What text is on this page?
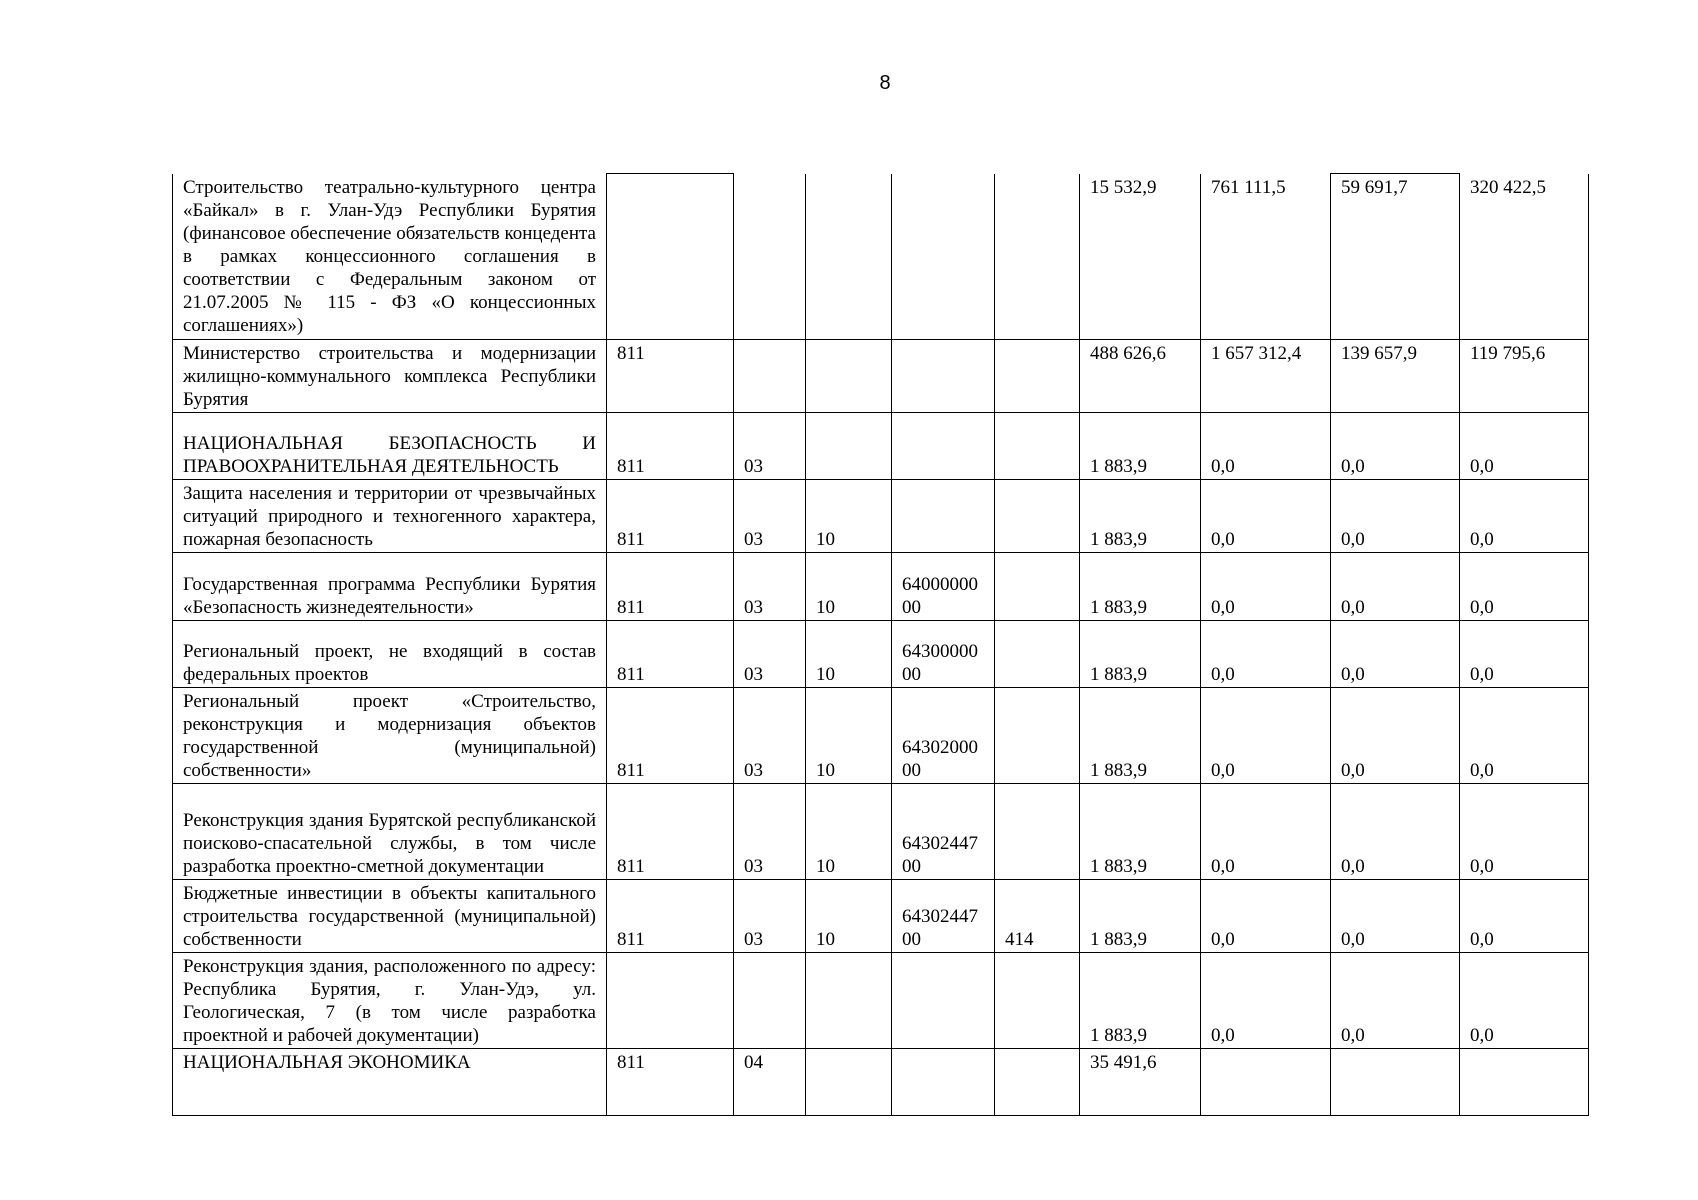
8
Строительство театрально-культурного центра «Байкал» в г. Улан-Удэ Республики Бурятия (финансовое обеспечение обязательств концедента в рамках концессионного соглашения в соответствии с Федеральным законом от 21.07.2005 № 115 - ФЗ «О концессионных соглашениях»)						15 532,9	761 111,5	59 691,7	320 422,5
Министерство строительства и модернизации жилищно-коммунального комплекса Республики Бурятия	811					488 626,6	1 657 312,4	139 657,9	119 795,6
НАЦИОНАЛЬНАЯ БЕЗОПАСНОСТЬ И ПРАВООХРАНИТЕЛЬНАЯ ДЕЯТЕЛЬНОСТЬ	811	03				1 883,9	0,0	0,0	0,0
Защита населения и территории от чрезвычайных ситуаций природного и техногенного характера, пожарная безопасность	811	03	10			1 883,9	0,0	0,0	0,0
Государственная программа Республики Бурятия «Безопасность жизнедеятельности»	811	03	10	6400000000		1 883,9	0,0	0,0	0,0
Региональный проект, не входящий в состав федеральных проектов	811	03	10	6430000000		1 883,9	0,0	0,0	0,0
Региональный проект «Строительство, реконструкция и модернизация объектов государственной (муниципальной) собственности»	811	03	10	6430200000		1 883,9	0,0	0,0	0,0
Реконструкция здания Бурятской республиканской поисково-спасательной службы, в том числе разработка проектно-сметной документации	811	03	10	6430244700		1 883,9	0,0	0,0	0,0
Бюджетные инвестиции в объекты капитального строительства государственной (муниципальной) собственности	811	03	10	6430244700	414	1 883,9	0,0	0,0	0,0
Реконструкция здания, расположенного по адресу: Республика Бурятия, г. Улан-Удэ, ул. Геологическая, 7 (в том числе разработка проектной и рабочей документации)						1 883,9	0,0	0,0	0,0
НАЦИОНАЛЬНАЯ ЭКОНОМИКА	811	04				35 491,6			
